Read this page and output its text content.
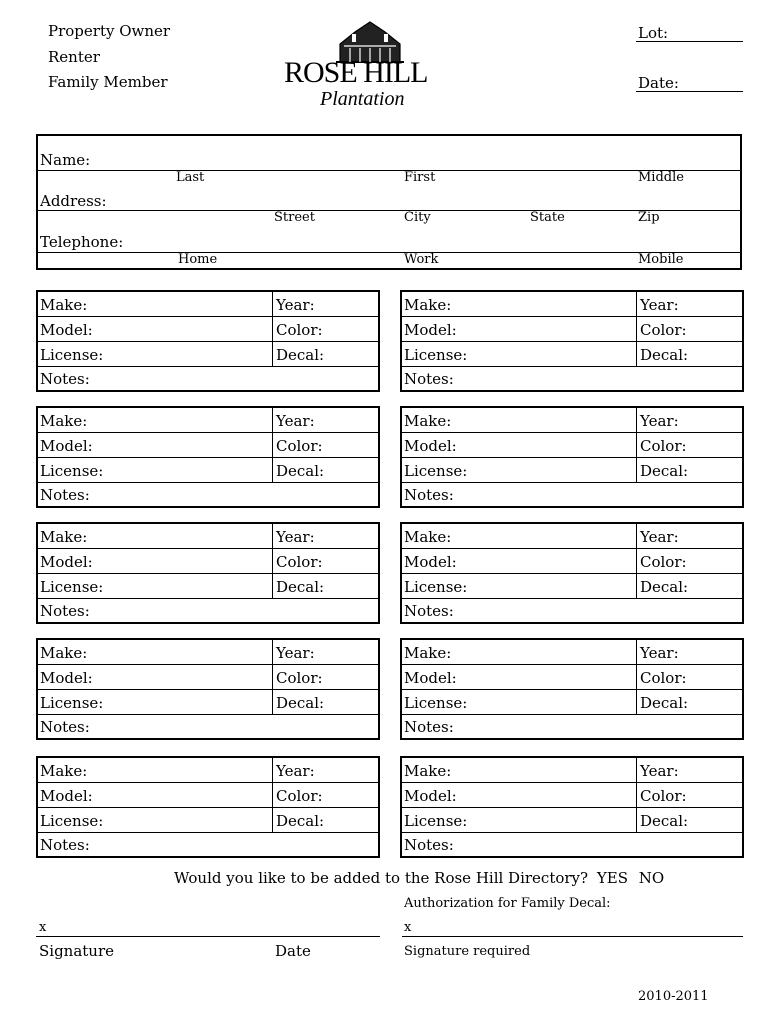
Property Owner
Renter
Family Member	ROSE HILL
Plantation
Lot:
Date:
Name:
Last	First	Middle
Address:
Street	City	State	Zip
Telephone:
Home	Work	Mobile
Make:	Year:
Model:	Color:
License:	Decal:
Notes:
Make:	Year:
Model:	Color:
License:	Decal:
Notes:
Make:	Year:
Model:	Color:
License:	Decal:
Notes:
Make:	Year:
Model:	Color:
License:	Decal:
Notes:
Make:	Year:
Model:	Color:
License:	Decal:
Notes:
Make:	Year:
Model:	Color:
License:	Decal:
Notes:
Make:	Year:
Model:	Color:
License:	Decal:
Notes:
Make:	Year:
Model:	Color:
License:	Decal:
Notes:
Make:	Year:
Model:	Color:
License:	Decal:
Notes:
Make:	Year:
Model:	Color:
License:	Decal:
Notes:
Would you like to be added to the Rose Hill Directory? YES NO
Authorization for Family Decal:
x
Signature	Date
x
Signature required
2010-2011
